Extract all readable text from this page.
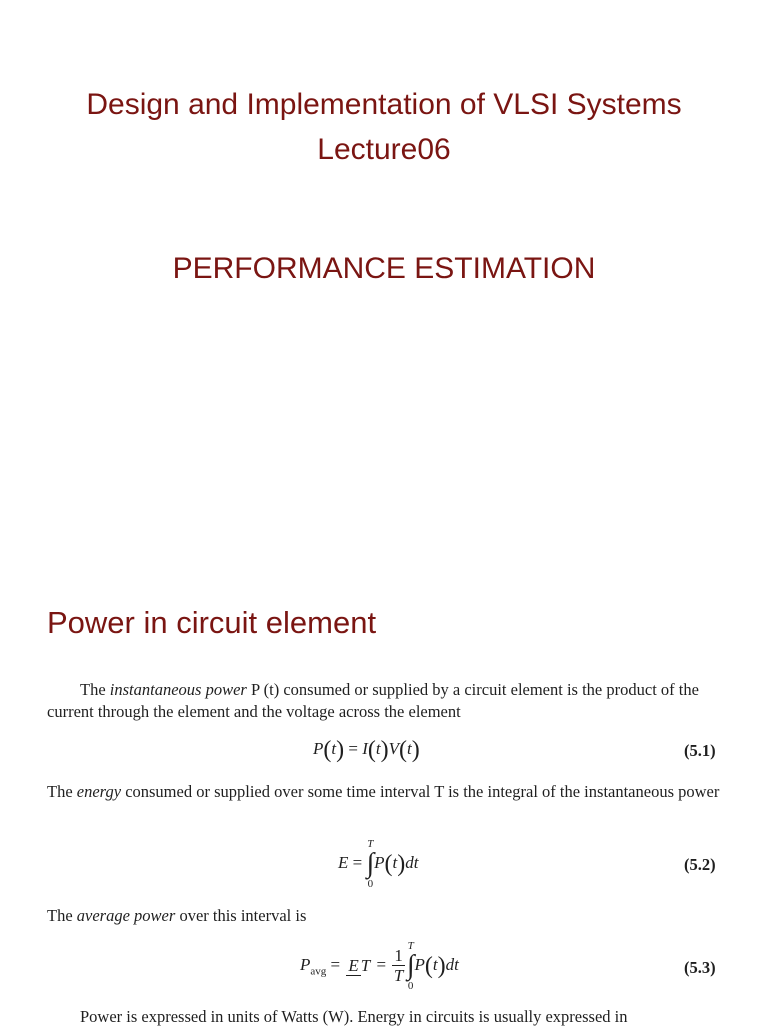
Design and Implementation of VLSI Systems
Lecture06
PERFORMANCE ESTIMATION
Power in circuit element
The instantaneous power P (t) consumed or supplied by a circuit element is the product of the current through the element and the voltage across the element
P(t) = I(t)V(t)	(5.1)
The energy consumed or supplied over some time interval T is the integral of the instantaneous power
E =
T
∫
0
P(t)dt	(5.2)
The average power over this interval is
$P_{avg} = E$ $T = \frac{1}{T}$
T
∫
0
P(t)dt	(5.3)
Power is expressed in units of Watts (W). Energy in circuits is usually expressed in
